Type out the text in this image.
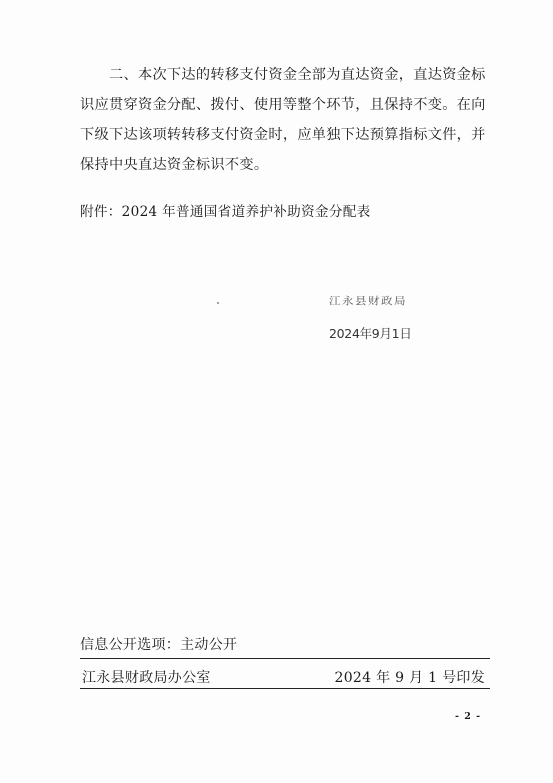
　　二、本次下达的转移支付资金全部为直达资金，直达资金标
识应贯穿资金分配、拨付、使用等整个环节，且保持不变。在向
下级下达该项转转移支付资金时，应单独下达预算指标文件，并
保持中央直达资金标识不变。

附件：2024 年普通国省道养护补助资金分配表
江永县财政局
2024年9月1日
信息公开选项：主动公开
江永县财政局办公室	2024 年 9 月 1 号印发
- 2 -
